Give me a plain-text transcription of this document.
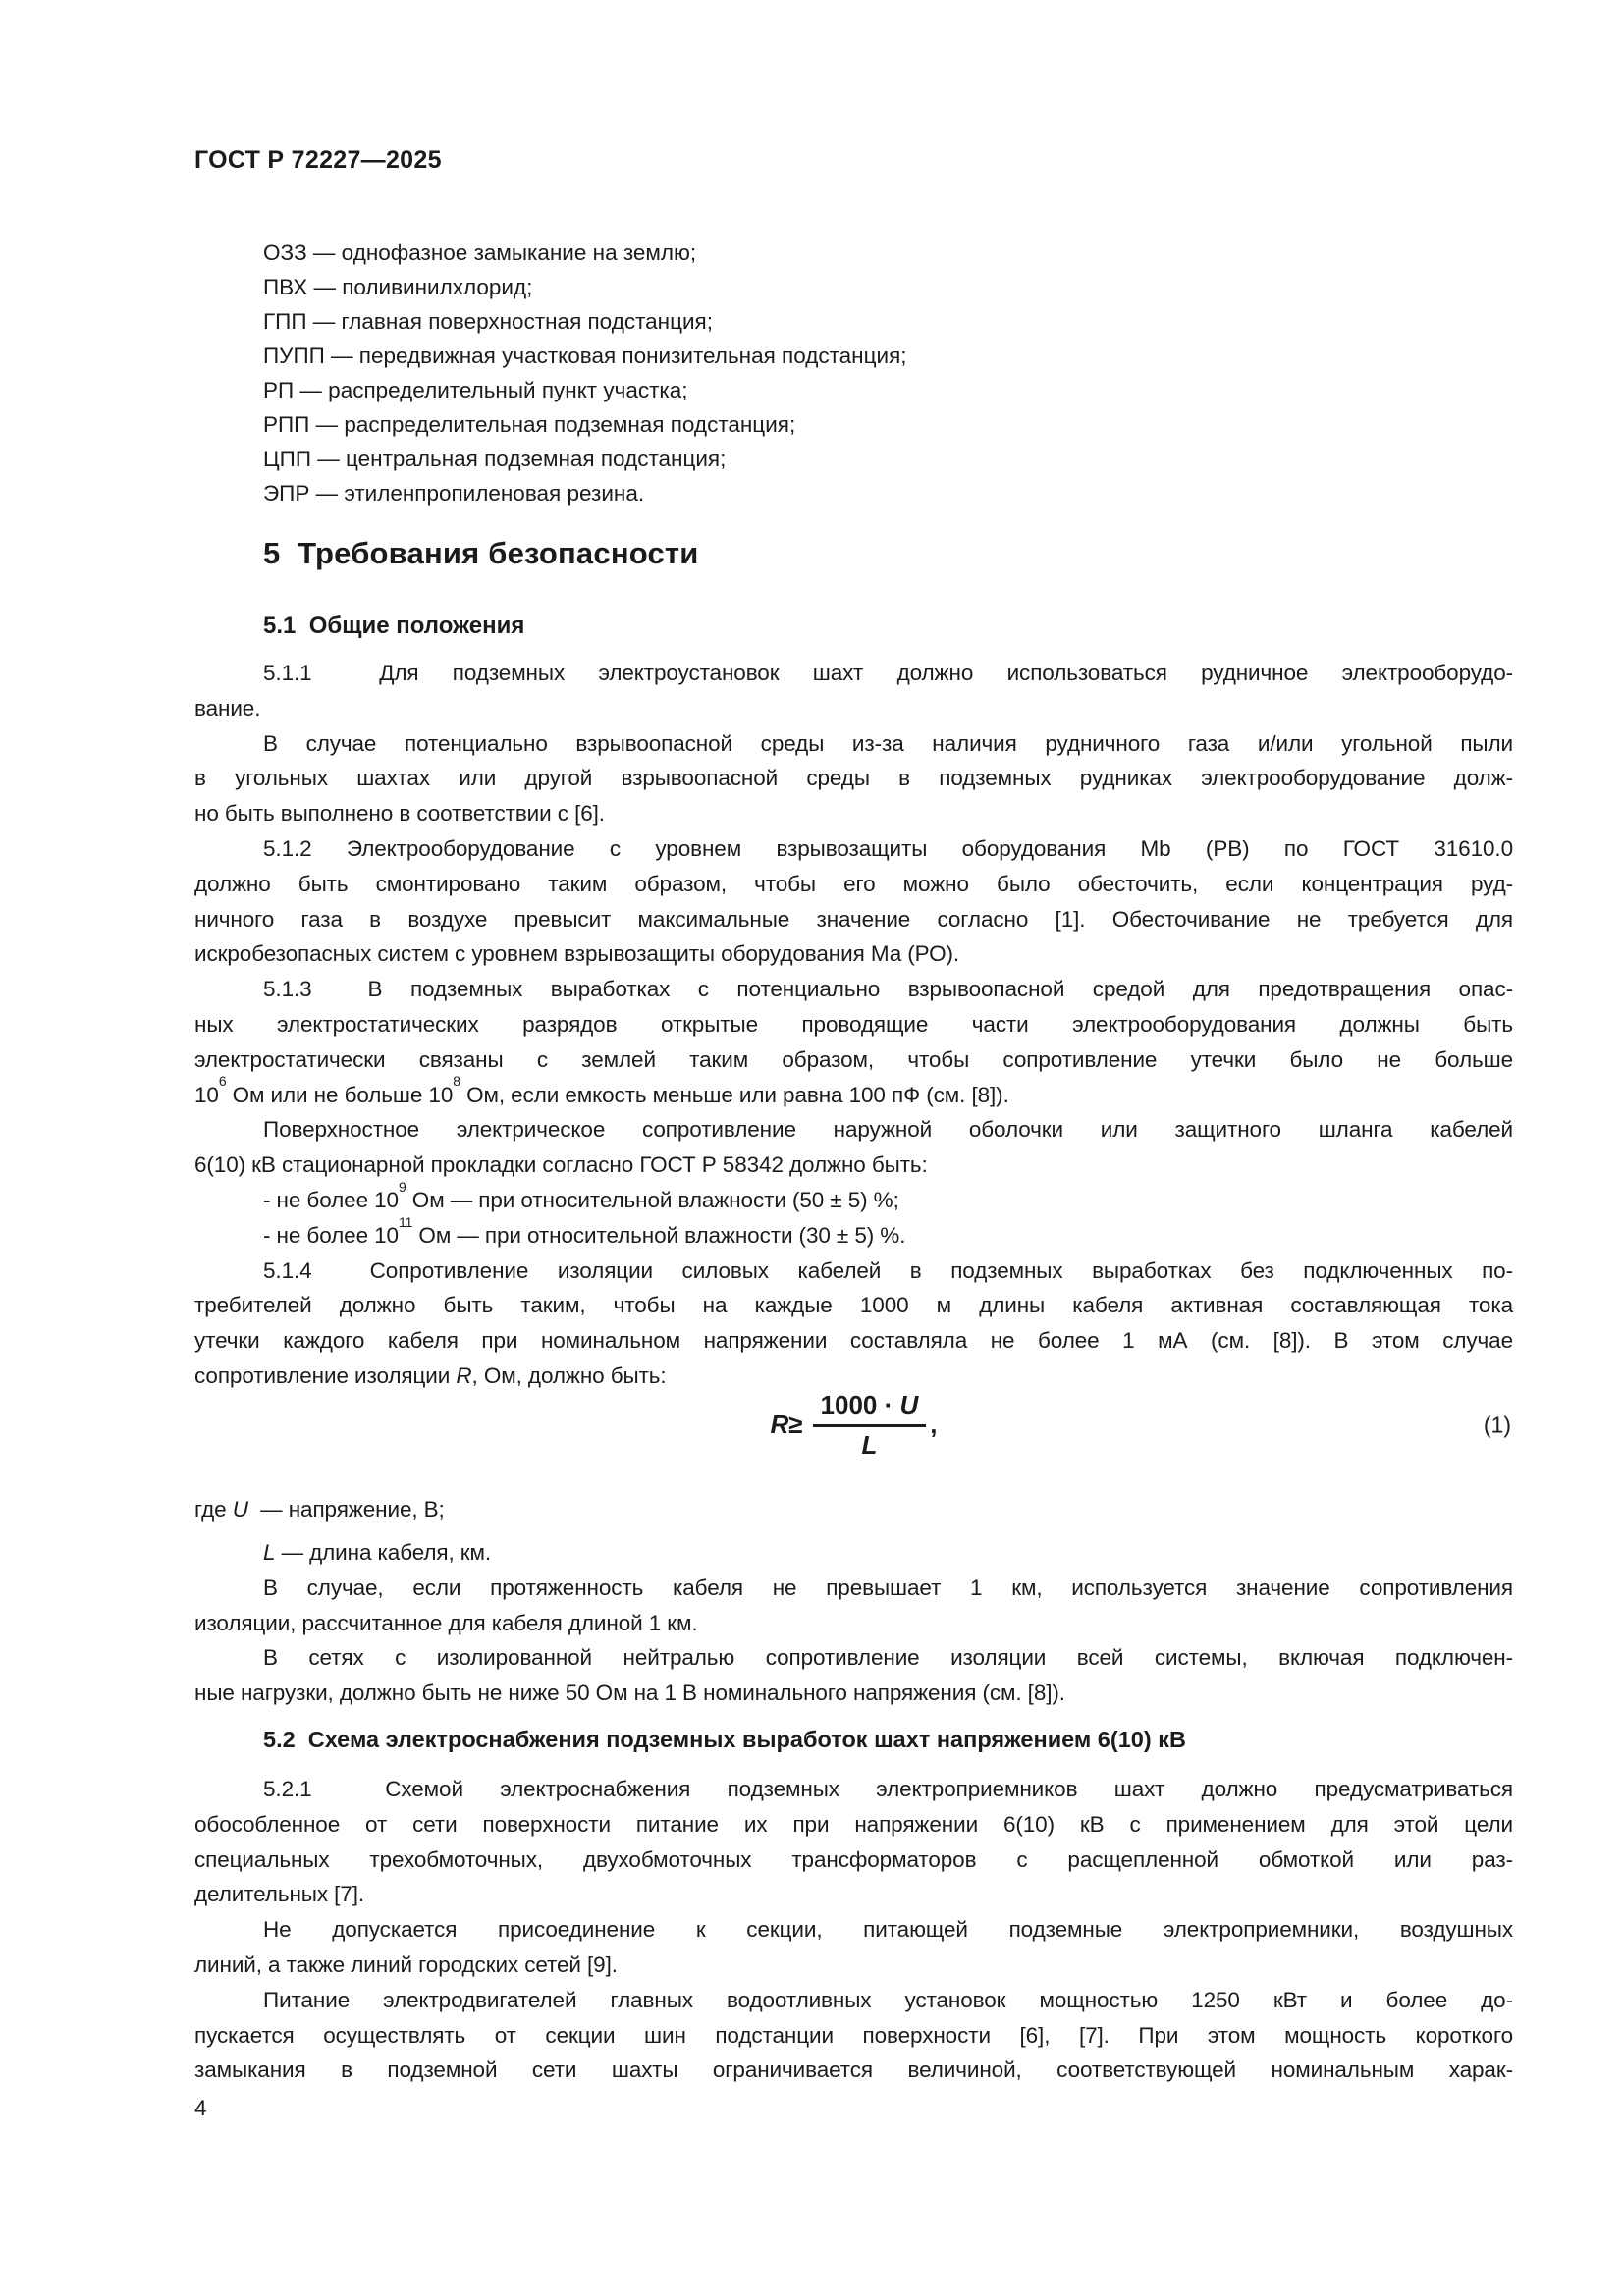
ГОСТ Р 72227—2025
ОЗЗ — однофазное замыкание на землю;
ПВХ — поливинилхлорид;
ГПП — главная поверхностная подстанция;
ПУПП — передвижная участковая понизительная подстанция;
РП — распределительный пункт участка;
РПП — распределительная подземная подстанция;
ЦПП — центральная подземная подстанция;
ЭПР — этиленпропиленовая резина.
5  Требования безопасности
5.1  Общие положения
5.1.1  Для подземных электроустановок шахт должно использоваться рудничное электрооборудо-
вание.
В случае потенциально взрывоопасной среды из-за наличия рудничного газа и/или угольной пыли
в угольных шахтах или другой взрывоопасной среды в подземных рудниках электрооборудование долж-
но быть выполнено в соответствии с [6].
5.1.2 Электрооборудование с уровнем взрывозащиты оборудования Mb (РВ) по ГОСТ 31610.0
должно быть смонтировано таким образом, чтобы его можно было обесточить, если концентрация руд-
ничного газа в воздухе превысит максимальные значение согласно [1]. Обесточивание не требуется для
искробезопасных систем с уровнем взрывозащиты оборудования Ма (РО).
5.1.3  В подземных выработках с потенциально взрывоопасной средой для предотвращения опас-
ных электростатических разрядов открытые проводящие части электрооборудования должны быть
электростатически связаны с землей таким образом, чтобы сопротивление утечки было не больше
$10^6$ Ом или не больше $10^8$ Ом, если емкость меньше или равна 100 пФ (см. [8]).
Поверхностное электрическое сопротивление наружной оболочки или защитного шланга кабелей
6(10) кВ стационарной прокладки согласно ГОСТ Р 58342 должно быть:
- не более $10^9$ Ом — при относительной влажности (50 ± 5) %;
- не более $10^{11}$ Ом — при относительной влажности (30 ± 5) %.
5.1.4  Сопротивление изоляции силовых кабелей в подземных выработках без подключенных по-
требителей должно быть таким, чтобы на каждые 1000 м длины кабеля активная составляющая тока
утечки каждого кабеля при номинальном напряжении составляла не более 1 мА (см. [8]). В этом случае
сопротивление изоляции R, Ом, должно быть:
$R \ge \frac{1000 \cdot U}{L}$ ,	(1)
где U  — напряжение, В;
L — длина кабеля, км.
В случае, если протяженность кабеля не превышает 1 км, используется значение сопротивления
изоляции, рассчитанное для кабеля длиной 1 км.
В сетях с изолированной нейтралью сопротивление изоляции всей системы, включая подключен-
ные нагрузки, должно быть не ниже 50 Ом на 1 В номинального напряжения (см. [8]).
5.2  Схема электроснабжения подземных выработок шахт напряжением 6(10) кВ
5.2.1  Схемой электроснабжения подземных электроприемников шахт должно предусматриваться
обособленное от сети поверхности питание их при напряжении 6(10) кВ с применением для этой цели
специальных трехобмоточных, двухобмоточных трансформаторов с расщепленной обмоткой или раз-
делительных [7].
Не допускается присоединение к секции, питающей подземные электроприемники, воздушных
линий, а также линий городских сетей [9].
Питание электродвигателей главных водоотливных установок мощностью 1250 кВт и более до-
пускается осуществлять от секции шин подстанции поверхности [6], [7]. При этом мощность короткого
замыкания в подземной сети шахты ограничивается величиной, соответствующей номинальным харак-
4
